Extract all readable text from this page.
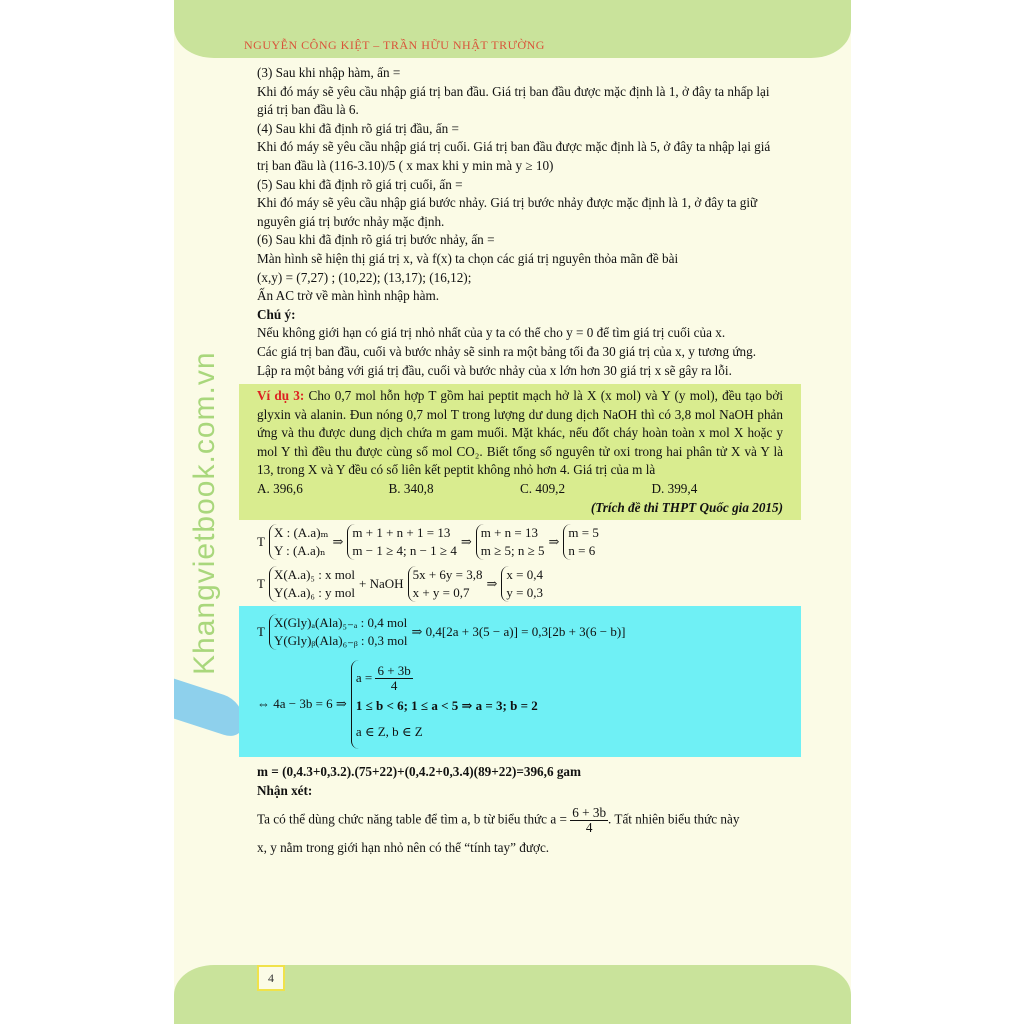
NGUYỄN CÔNG KIỆT – TRẦN HỮU NHẬT TRƯỜNG
Khangvietbook.com.vn

(3) Sau khi nhập hàm, ấn =

Khi đó máy sẽ yêu cầu nhập giá trị ban đầu. Giá trị ban đầu được mặc định là 1, ở đây ta nhấp lại giá trị ban đầu là 6.

(4) Sau khi đã định rõ giá trị đầu, ấn =

Khi đó máy sẽ yêu cầu nhập giá trị cuối. Giá trị ban đầu được mặc định là 5, ở đây ta nhập lại giá trị ban đầu là (116-3.10)/5 ( x max khi y min mà y ≥ 10)

(5) Sau khi đã định rõ giá trị cuối, ấn =

Khi đó máy sẽ yêu cầu nhập giá bước nhảy. Giá trị bước nhảy được mặc định là 1, ở đây ta giữ nguyên giá trị bước nhảy mặc định.

(6) Sau khi đã định rõ giá trị bước nhảy, ấn =

Màn hình sẽ hiện thị giá trị x, và f(x) ta chọn các giá trị nguyên thỏa mãn đề bài

(x,y) = (7,27) ; (10,22); (13,17); (16,12);

Ấn AC trờ về màn hình nhập hàm.

Chú ý:

Nếu không giới hạn có giá trị nhỏ nhất của y ta có thể cho y = 0 để tìm giá trị cuối của x.

Các giá trị ban đầu, cuối và bước nhảy sẽ sinh ra một bảng tối đa 30 giá trị của x, y tương ứng.

Lập ra một bảng với giá trị đầu, cuối và bước nhảy của x lớn hơn 30 giá trị x sẽ gây ra lỗi.

Ví dụ 3: Cho 0,7 mol hỗn hợp T gồm hai peptit mạch hở là X (x mol) và Y (y mol), đều tạo bởi glyxin và alanin. Đun nóng 0,7 mol T trong lượng dư dung dịch NaOH thì có 3,8 mol NaOH phản ứng và thu được dung dịch chứa m gam muối. Mặt khác, nếu đốt cháy hoàn toàn x mol X hoặc y mol Y thì đều thu được cùng số mol CO₂. Biết tổng số nguyên tử oxi trong hai phân tử X và Y là 13, trong X và Y đều có số liên kết peptit không nhỏ hơn 4. Giá trị của m là

A. 396,6	B. 340,8	C. 409,2	D. 399,4

(Trích đề thi THPT Quốc gia 2015)

T
X : (A.a)ₘ
Y : (A.a)ₙ
⇒
m + 1 + n + 1 = 13
m − 1 ≥ 4; n − 1 ≥ 4
⇒
m + n = 13
m ≥ 5; n ≥ 5
⇒
m = 5
n = 6
T
X(A.a)₅ : x mol
Y(A.a)₆ : y mol
+ NaOH
5x + 6y = 3,8
x + y = 0,7
⇒
x = 0,4
y = 0,3
T
X(Gly)ₐ(Ala)₅₋ₐ : 0,4 mol
Y(Gly)ᵦ(Ala)₆₋ᵦ : 0,3 mol
⇒ 0,4[2a + 3(5 − a)] = 0,3[2b + 3(6 − b)]
⇔ 4a − 3b = 6 ⇒
$a = \frac{6 + 3b}{4}$

1 ≤ b < 6; 1 ≤ a < 5 ⇒ a = 3; b = 2
a ∈ Z, b ∈ Z

m = (0,4.3+0,3.2).(75+22)+(0,4.2+0,3.4)(89+22)=396,6 gam

Nhận xét:

Ta có thể dùng chức năng table để tìm a, b từ biểu thức $a = \frac{6 + 3b}{4}$ . Tất nhiên biểu thức này

x, y nằm trong giới hạn nhỏ nên có thể “tính tay” được.

4
